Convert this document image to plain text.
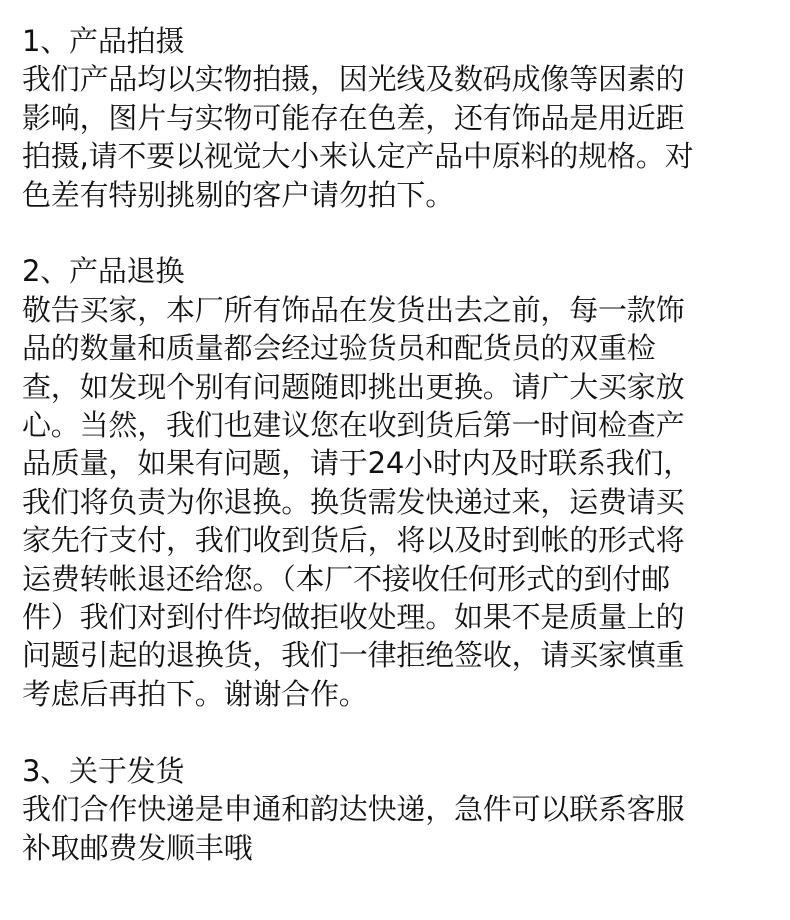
1、产品拍摄
我们产品均以实物拍摄，因光线及数码成像等因素的
影响，图片与实物可能存在色差，还有饰品是用近距
拍摄,请不要以视觉大小来认定产品中原料的规格。对
色差有特别挑剔的客户请勿拍下。
2、产品退换
敬告买家，本厂所有饰品在发货出去之前，每一款饰
品的数量和质量都会经过验货员和配货员的双重检
查，如发现个别有问题随即挑出更换。请广大买家放
心。当然，我们也建议您在收到货后第一时间检查产
品质量，如果有问题，请于24小时内及时联系我们，
我们将负责为你退换。换货需发快递过来，运费请买
家先行支付，我们收到货后，将以及时到帐的形式将
运费转帐退还给您。（本厂不接收任何形式的到付邮
件）我们对到付件均做拒收处理。如果不是质量上的
问题引起的退换货，我们一律拒绝签收，请买家慎重
考虑后再拍下。谢谢合作。
3、关于发货
我们合作快递是申通和韵达快递，急件可以联系客服
补取邮费发顺丰哦
